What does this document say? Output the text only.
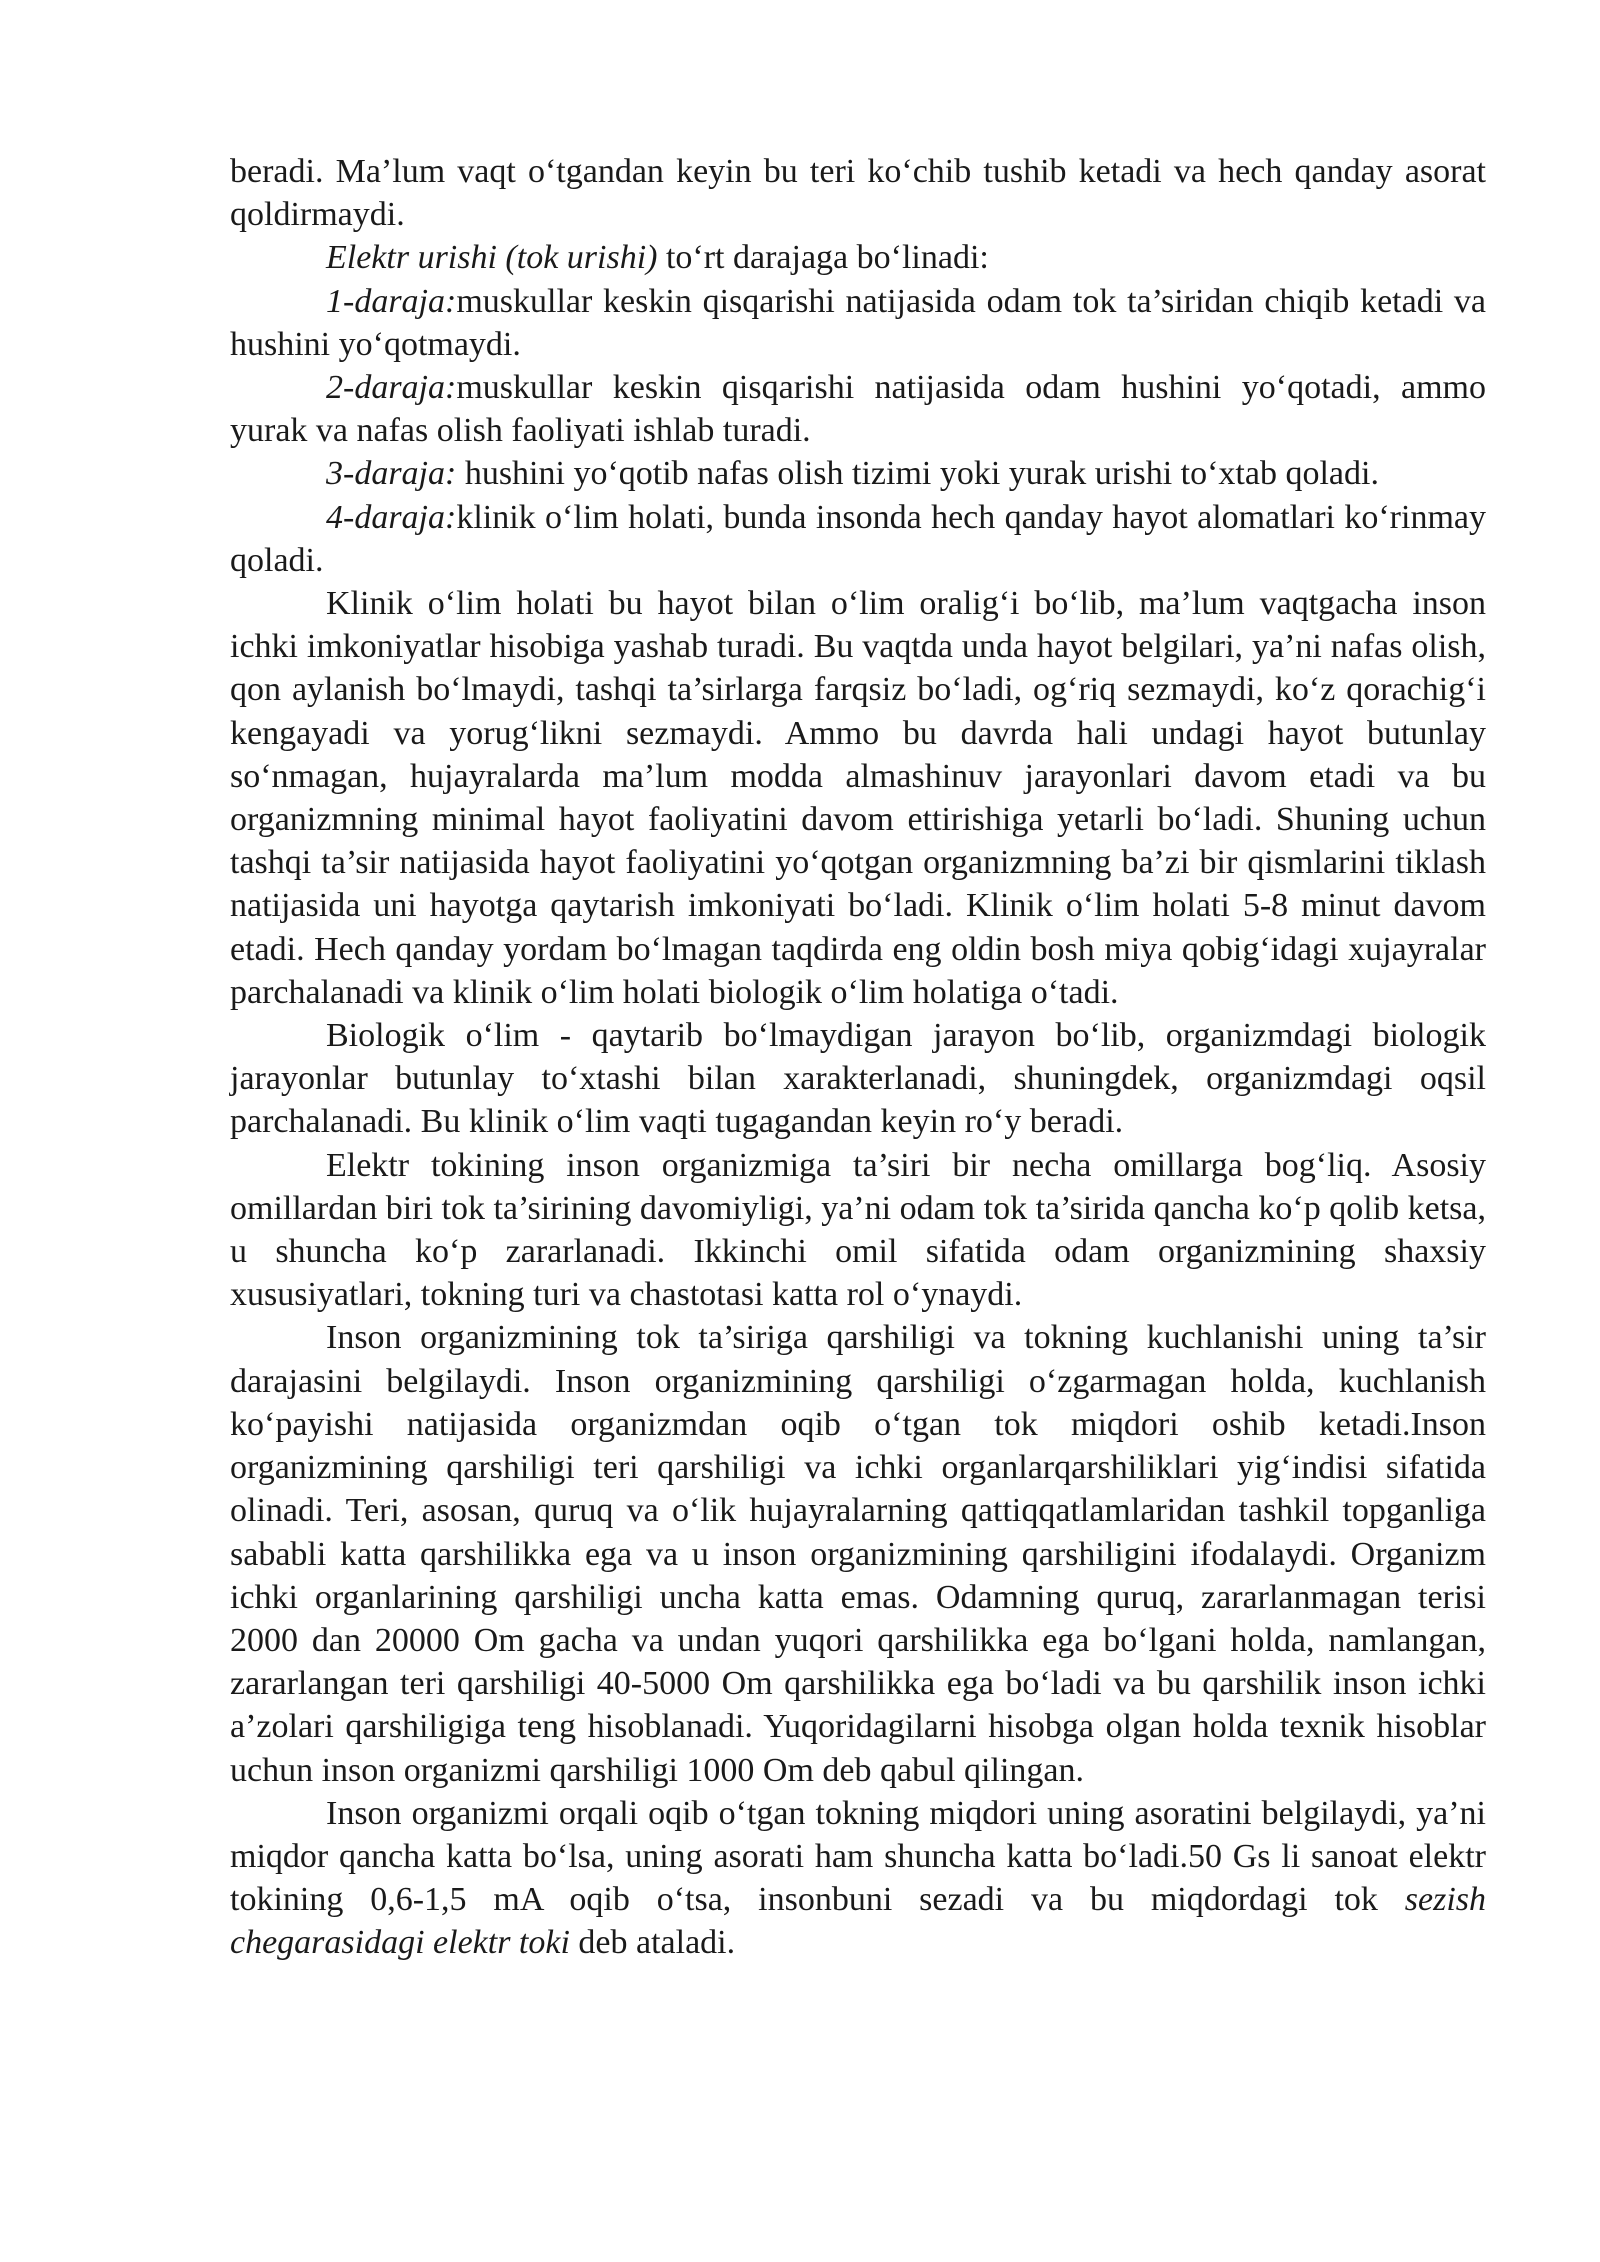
beradi. Ma’lum vaqt o‘tgandan keyin bu teri ko‘chib tushib ketadi va hech qanday asorat qoldirmaydi.

Elektr urishi (tok urishi) to‘rt darajaga bo‘linadi:

1-daraja:muskullar keskin qisqarishi natijasida odam tok ta’siridan chiqib ketadi va hushini yo‘qotmaydi.

2-daraja:muskullar keskin qisqarishi natijasida odam hushini yo‘qotadi, ammo yurak va nafas olish faoliyati ishlab turadi.

3-daraja: hushini yo‘qotib nafas olish tizimi yoki yurak urishi to‘xtab qoladi.

4-daraja:klinik o‘lim holati, bunda insonda hech qanday hayot alomatlari ko‘rinmay qoladi.

Klinik o‘lim holati bu hayot bilan o‘lim oralig‘i bo‘lib, ma’lum vaqtgacha inson ichki imkoniyatlar hisobiga yashab turadi. Bu vaqtda unda hayot belgilari, ya’ni nafas olish, qon aylanish bo‘lmaydi, tashqi ta’sirlarga farqsiz bo‘ladi, og‘riq sezmaydi, ko‘z qorachig‘i kengayadi va yorug‘likni sezmaydi. Ammo bu davrda hali undagi hayot butunlay so‘nmagan, hujayralarda ma’lum modda almashinuv jarayonlari davom etadi va bu organizmning minimal hayot faoliyatini davom ettirishiga yetarli bo‘ladi. Shuning uchun tashqi ta’sir natijasida hayot faoliyatini yo‘qotgan organizmning ba’zi bir qismlarini tiklash natijasida uni hayotga qaytarish imkoniyati bo‘ladi. Klinik o‘lim holati 5-8 minut davom etadi. Hech qanday yordam bo‘lmagan taqdirda eng oldin bosh miya qobig‘idagi xujayralar parchalanadi va klinik o‘lim holati biologik o‘lim holatiga o‘tadi.

Biologik o‘lim - qaytarib bo‘lmaydigan jarayon bo‘lib, organizmdagi biologik jarayonlar butunlay to‘xtashi bilan xarakterlanadi, shuningdek, organizmdagi oqsil parchalanadi. Bu klinik o‘lim vaqti tugagandan keyin ro‘y beradi.

Elektr tokining inson organizmiga ta’siri bir necha omillarga bog‘liq. Asosiy omillardan biri tok ta’sirining davomiyligi, ya’ni odam tok ta’sirida qancha ko‘p qolib ketsa, u shuncha ko‘p zararlanadi. Ikkinchi omil sifatida odam organizmining shaxsiy xususiyatlari, tokning turi va chastotasi katta rol o‘ynaydi.

Inson organizmining tok ta’siriga qarshiligi va tokning kuchlanishi uning ta’sir darajasini belgilaydi. Inson organizmining qarshiligi o‘zgarmagan holda, kuchlanish ko‘payishi natijasida organizmdan oqib o‘tgan tok miqdori oshib ketadi.Inson organizmining qarshiligi teri qarshiligi va ichki organlarqarshiliklari yig‘indisi sifatida olinadi. Teri, asosan, quruq va o‘lik hujayralarning qattiqqatlamlaridan tashkil topganliga sababli katta qarshilikka ega va u inson organizmining qarshiligini ifodalaydi. Organizm ichki organlarining qarshiligi uncha katta emas. Odamning quruq, zararlanmagan terisi 2000 dan 20000 Om gacha va undan yuqori qarshilikka ega bo‘lgani holda, namlangan, zararlangan teri qarshiligi 40-5000 Om qarshilikka ega bo‘ladi va bu qarshilik inson ichki a’zolari qarshiligiga teng hisoblanadi. Yuqoridagilarni hisobga olgan holda texnik hisoblar uchun inson organizmi qarshiligi 1000 Om deb qabul qilingan.

Inson organizmi orqali oqib o‘tgan tokning miqdori uning asoratini belgilaydi, ya’ni miqdor qancha katta bo‘lsa, uning asorati ham shuncha katta bo‘ladi.50 Gs li sanoat elektr tokining 0,6-1,5 mA oqib o‘tsa, insonbuni sezadi va bu miqdordagi tok sezish chegarasidagi elektr toki deb ataladi.
